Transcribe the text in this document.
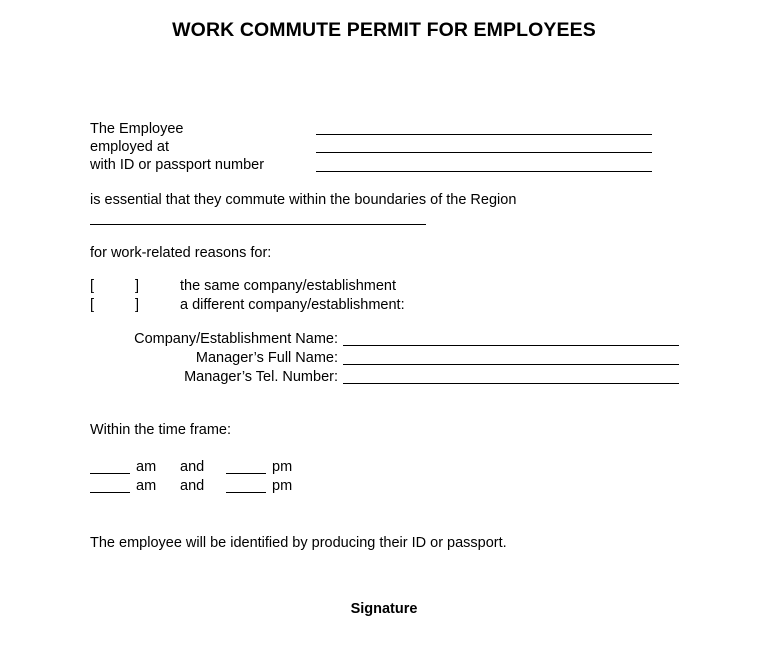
WORK COMMUTE PERMIT FOR EMPLOYEES
The Employee
employed at
with ID or passport number
is essential that they commute within the boundaries of the Region
for work-related reasons for:
[	]	the same company/establishment
[	]	a different company/establishment:
Company/Establishment Name:
Manager’s Full Name:
Manager’s Tel. Number:
Within the time frame:
am and	pm
am and	pm
The employee will be identified by producing their ID or passport.
Signature
